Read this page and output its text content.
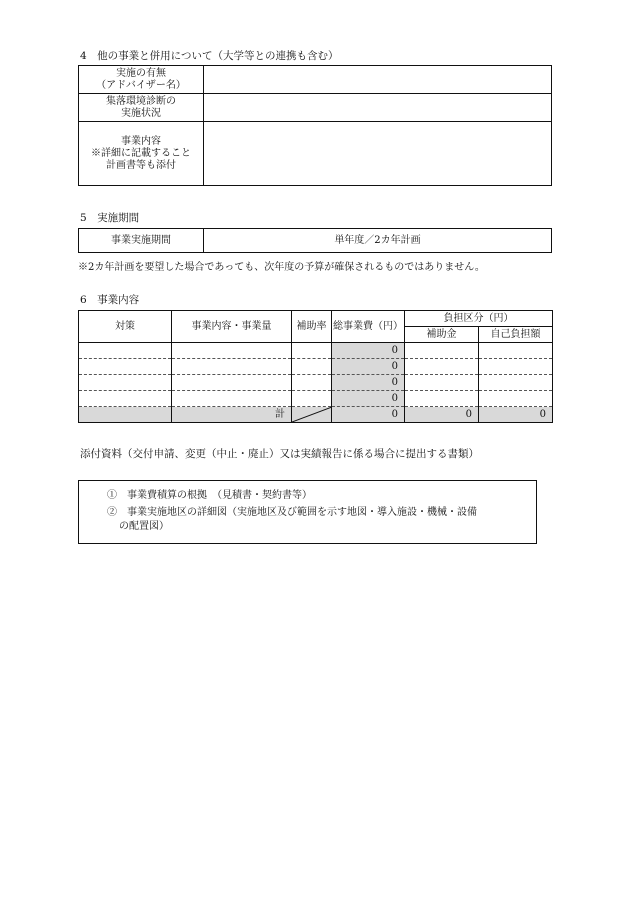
4　他の事業と併用について（大学等との連携も含む）
実施の有無
（アドバイザー名）	

集落環境診断の
実施状況	

事業内容
※詳細に記載すること
計画書等も添付	

5　実施期間
事業実施期間	単年度／2カ年計画
※2カ年計画を要望した場合であっても、次年度の予算が確保されるものではありません。
6　事業内容
対策	事業内容・事業量	補助率	総事業費（円）	負担区分（円）	
				補助金	自己負担額
			0		
			0		
			0		
			0		
	計		0	0	0
添付資料（交付申請、変更（中止・廃止）又は実績報告に係る場合に提出する書類）
①　事業費積算の根拠　（見積書・契約書等）
②　事業実施地区の詳細図（実施地区及び範囲を示す地図・導入施設・機械・設備
の配置図）
